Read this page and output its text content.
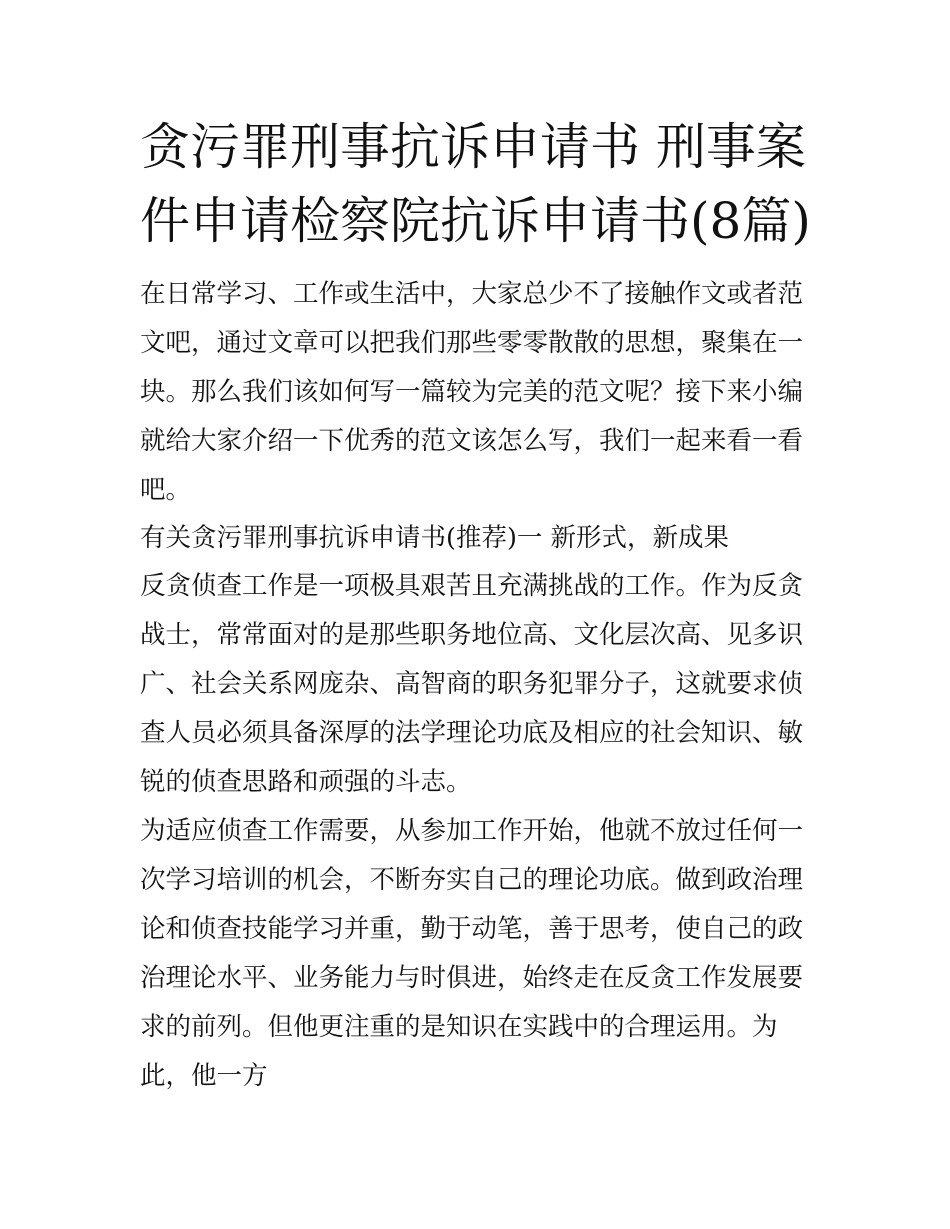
贪污罪刑事抗诉申请书 刑事案件申请检察院抗诉申请书(8篇)

在日常学习、工作或生活中，大家总少不了接触作文或者范文吧，通过文章可以把我们那些零零散散的思想，聚集在一块。那么我们该如何写一篇较为完美的范文呢？接下来小编就给大家介绍一下优秀的范文该怎么写，我们一起来看一看吧。

有关贪污罪刑事抗诉申请书(推荐)一 新形式，新成果

反贪侦查工作是一项极具艰苦且充满挑战的工作。作为反贪战士，常常面对的是那些职务地位高、文化层次高、见多识广、社会关系网庞杂、高智商的职务犯罪分子，这就要求侦查人员必须具备深厚的法学理论功底及相应的社会知识、敏锐的侦查思路和顽强的斗志。

为适应侦查工作需要，从参加工作开始，他就不放过任何一次学习培训的机会，不断夯实自己的理论功底。做到政治理论和侦查技能学习并重，勤于动笔，善于思考，使自己的政治理论水平、业务能力与时俱进，始终走在反贪工作发展要求的前列。但他更注重的是知识在实践中的合理运用。为此，他一方
